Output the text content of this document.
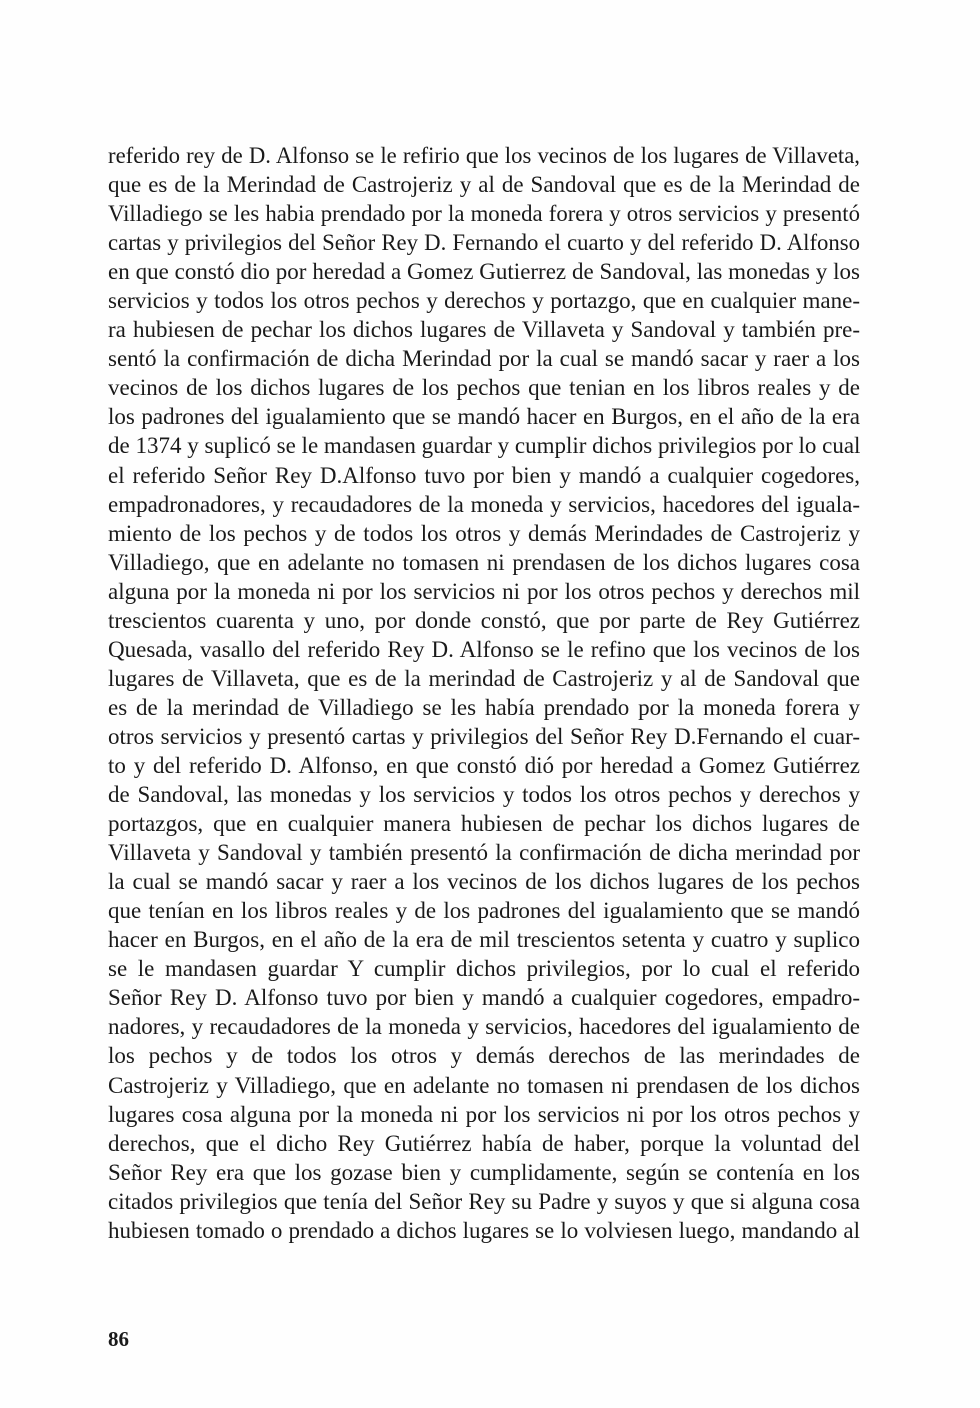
referido rey de D. Alfonso se le refirio que los vecinos de los lugares de Villaveta,
que es de la Merindad de Castrojeriz y al de Sandoval que es de la Merindad de
Villadiego se les habia prendado por la moneda forera y otros servicios y presentó
cartas y privilegios del Señor Rey D. Fernando el cuarto y del referido D. Alfonso
en que constó dio por heredad a Gomez Gutierrez de Sandoval, las monedas y los
servicios y todos los otros pechos y derechos y portazgo, que en cualquier mane-
ra hubiesen de pechar los dichos lugares de Villaveta y Sandoval y también pre-
sentó la confirmación de dicha Merindad por la cual se mandó sacar y raer a los
vecinos de los dichos lugares de los pechos que tenian en los libros reales y de
los padrones del igualamiento que se mandó hacer en Burgos, en el año de la era
de 1374 y suplicó se le mandasen guardar y cumplir dichos privilegios por lo cual
el referido Señor Rey D.Alfonso tuvo por bien y mandó a cualquier cogedores,
empadronadores, y recaudadores de la moneda y servicios, hacedores del iguala-
miento de los pechos y de todos los otros y demás Merindades de Castrojeriz y
Villadiego, que en adelante no tomasen ni prendasen de los dichos lugares cosa
alguna por la moneda ni por los servicios ni por los otros pechos y derechos mil
trescientos cuarenta y uno, por donde constó, que por parte de Rey Gutiérrez
Quesada, vasallo del referido Rey D. Alfonso se le refino que los vecinos de los
lugares de Villaveta, que es de la merindad de Castrojeriz y al de Sandoval que
es de la merindad de Villadiego se les había prendado por la moneda forera y
otros servicios y presentó cartas y privilegios del Señor Rey D.Fernando el cuar-
to y del referido D. Alfonso, en que constó dió por heredad a Gomez Gutiérrez
de Sandoval, las monedas y los servicios y todos los otros pechos y derechos y
portazgos, que en cualquier manera hubiesen de pechar los dichos lugares de
Villaveta y Sandoval y también presentó la confirmación de dicha merindad por
la cual se mandó sacar y raer a los vecinos de los dichos lugares de los pechos
que tenían en los libros reales y de los padrones del igualamiento que se mandó
hacer en Burgos, en el año de la era de mil trescientos setenta y cuatro y suplico
se le mandasen guardar Y cumplir dichos privilegios, por lo cual el referido
Señor Rey D. Alfonso tuvo por bien y mandó a cualquier cogedores, empadro-
nadores, y recaudadores de la moneda y servicios, hacedores del igualamiento de
los pechos y de todos los otros y demás derechos de las merindades de
Castrojeriz y Villadiego, que en adelante no tomasen ni prendasen de los dichos
lugares cosa alguna por la moneda ni por los servicios ni por los otros pechos y
derechos, que el dicho Rey Gutiérrez había de haber, porque la voluntad del
Señor Rey era que los gozase bien y cumplidamente, según se contenía en los
citados privilegios que tenía del Señor Rey su Padre y suyos y que si alguna cosa
hubiesen tomado o prendado a dichos lugares se lo volviesen luego, mandando al
86
